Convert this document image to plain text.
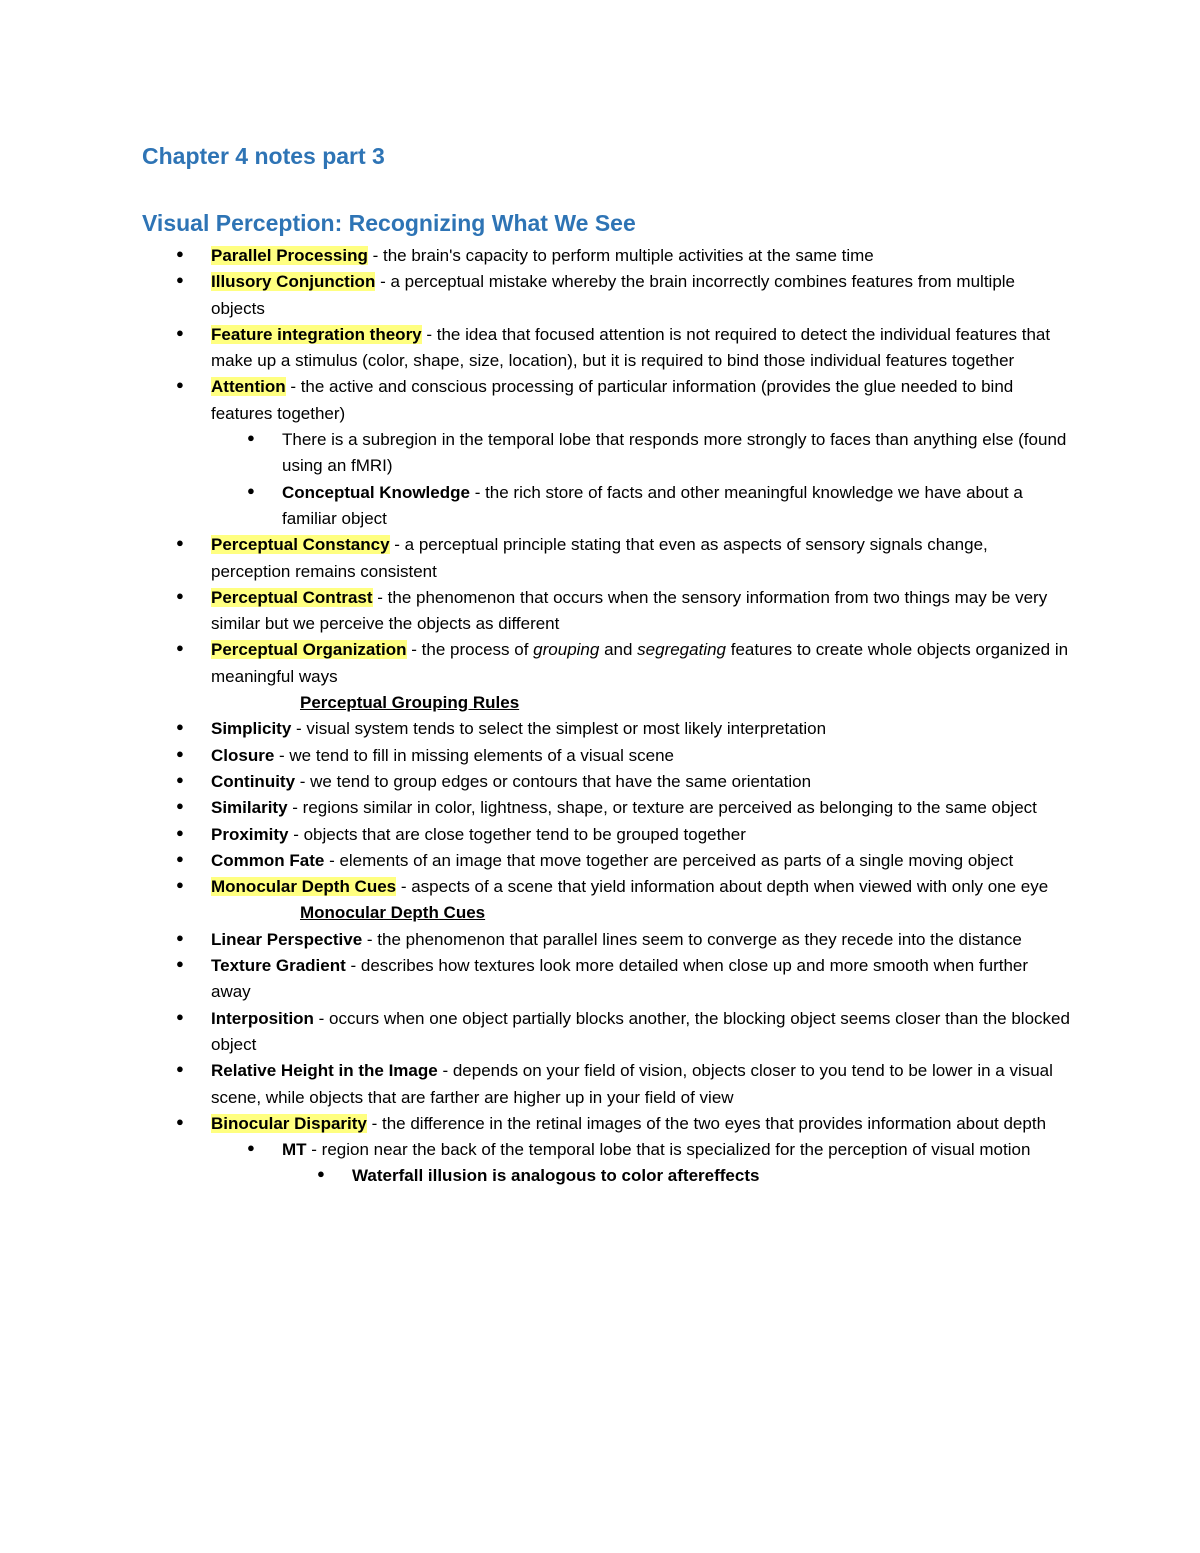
Chapter 4 notes part 3
Visual Perception: Recognizing What We See
● Parallel Processing - the brain's capacity to perform multiple activities at the same time
● Illusory Conjunction - a perceptual mistake whereby the brain incorrectly combines features from multiple objects
● Feature integration theory - the idea that focused attention is not required to detect the individual features that make up a stimulus (color, shape, size, location), but it is required to bind those individual features together
● Attention - the active and conscious processing of particular information (provides the glue needed to bind features together)
● There is a subregion in the temporal lobe that responds more strongly to faces than anything else (found using an fMRI)
● Conceptual Knowledge - the rich store of facts and other meaningful knowledge we have about a familiar object
● Perceptual Constancy - a perceptual principle stating that even as aspects of sensory signals change, perception remains consistent
● Perceptual Contrast - the phenomenon that occurs when the sensory information from two things may be very similar but we perceive the objects as different
● Perceptual Organization - the process of grouping and segregating features to create whole objects organized in meaningful ways
Perceptual Grouping Rules
● Simplicity - visual system tends to select the simplest or most likely interpretation
● Closure - we tend to fill in missing elements of a visual scene
● Continuity - we tend to group edges or contours that have the same orientation
● Similarity - regions similar in color, lightness, shape, or texture are perceived as belonging to the same object
● Proximity - objects that are close together tend to be grouped together
● Common Fate - elements of an image that move together are perceived as parts of a single moving object
● Monocular Depth Cues - aspects of a scene that yield information about depth when viewed with only one eye
Monocular Depth Cues
● Linear Perspective - the phenomenon that parallel lines seem to converge as they recede into the distance
● Texture Gradient - describes how textures look more detailed when close up and more smooth when further away
● Interposition - occurs when one object partially blocks another, the blocking object seems closer than the blocked object
● Relative Height in the Image - depends on your field of vision, objects closer to you tend to be lower in a visual scene, while objects that are farther are higher up in your field of view
● Binocular Disparity - the difference in the retinal images of the two eyes that provides information about depth
● MT - region near the back of the temporal lobe that is specialized for the perception of visual motion
● Waterfall illusion is analogous to color aftereffects
